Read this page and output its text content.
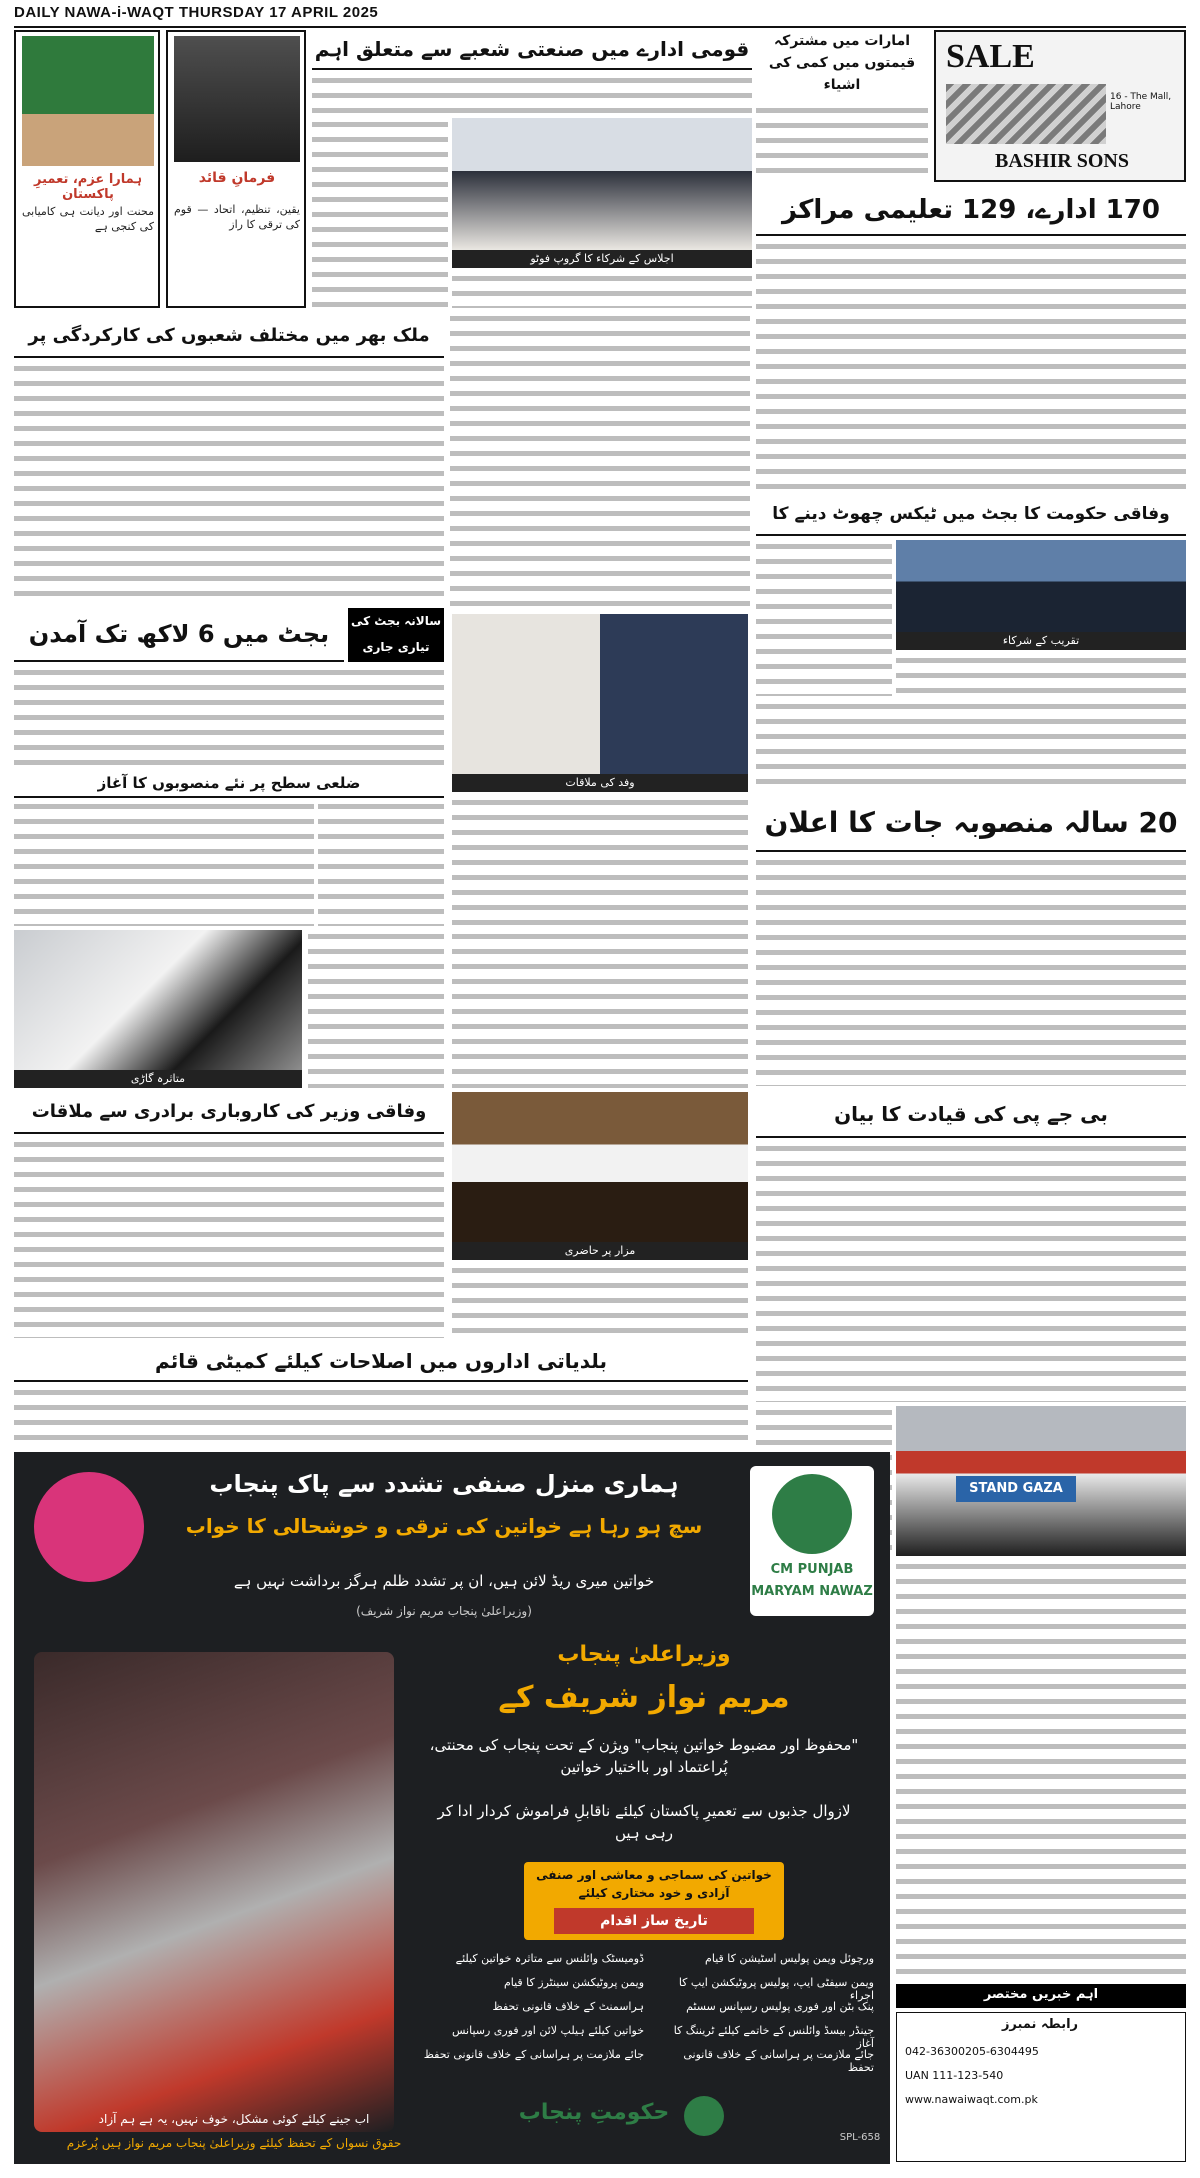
DAILY NAWA-i-WAQT THURSDAY 17 APRIL 2025
ہمارا عزم، تعمیرِ پاکستان
محنت اور دیانت ہی کامیابی کی کنجی ہے
فرمانِ قائد
یقین، تنظیم، اتحاد — قوم کی ترقی کا راز
قومی ادارے میں صنعتی شعبے سے متعلق اہم
اجلاس کے شرکاء کا گروپ فوٹو
امارات میں مشترکہ قیمتوں میں کمی کی اشیاء
SALE
16 - The Mall, Lahore
BASHIR SONS
170 ادارے، 129 تعلیمی مراکز
ملک بھر میں مختلف شعبوں کی کارکردگی پر
وفاقی حکومت کا بجٹ میں ٹیکس چھوٹ دینے کا
تقریب کے شرکاء
بجٹ میں 6 لاکھ تک آمدن	سالانہ بجٹ کی تیاری جاری
ضلعی سطح پر نئے منصوبوں کا آغاز	وفد کی ملاقات
20 سالہ منصوبہ جات کا اعلان
متاثرہ گاڑی
وفاقی وزیر کی کاروباری برادری سے ملاقات
مزار پر حاضری
بی جے پی کی قیادت کا بیان
بلدیاتی اداروں میں اصلاحات کیلئے کمیٹی قائم
STAND GAZA
اہم خبریں مختصر
رابطہ نمبرز
042-36300205-6304495
UAN 111-123-540
www.nawaiwaqt.com.pk
ہماری منزل صنفی تشدد سے پاک پنجاب
سچ ہو رہا ہے خواتین کی ترقی و خوشحالی کا خواب
خواتین میری ریڈ لائن ہیں، ان پر تشدد ظلم ہرگز برداشت نہیں ہے
(وزیراعلیٰ پنجاب مریم نواز شریف)
CM PUNJAB
MARYAM NAWAZ
وزیراعلیٰ پنجاب
مریم نواز شریف کے
"محفوظ اور مضبوط خواتین پنجاب" ویژن کے تحت پنجاب کی محنتی، پُراعتماد اور بااختیار خواتین
لازوال جذبوں سے تعمیرِ پاکستان کیلئے ناقابلِ فراموش کردار ادا کر رہی ہیں
خواتین کی سماجی و معاشی اور صنفی آزادی و خود مختاری کیلئے
تاریخ ساز اقدام
ورچوئل ویمن پولیس اسٹیشن کا قیام
ویمن سیفٹی ایپ، پولیس پروٹیکشن ایپ کا اجراء
پنک بٹن اور فوری پولیس رسپانس سسٹم
جینڈر بیسڈ وائلنس کے خاتمے کیلئے ٹریننگ کا آغاز
جائے ملازمت پر ہراسانی کے خلاف قانونی تحفظ
ڈومیسٹک وائلنس سے متاثرہ خواتین کیلئے
ویمن پروٹیکشن سینٹرز کا قیام
ہراسمنٹ کے خلاف قانونی تحفظ
خواتین کیلئے ہیلپ لائن اور فوری رسپانس
جائے ملازمت پر ہراسانی کے خلاف قانونی تحفظ
اب جینے کیلئے کوئی مشکل، خوف نہیں، یہ ہے ہم آزاد
حقوق نسواں کے تحفظ کیلئے وزیراعلیٰ پنجاب مریم نواز ہیں پُرعزم
حکومتِ پنجاب
SPL-658
